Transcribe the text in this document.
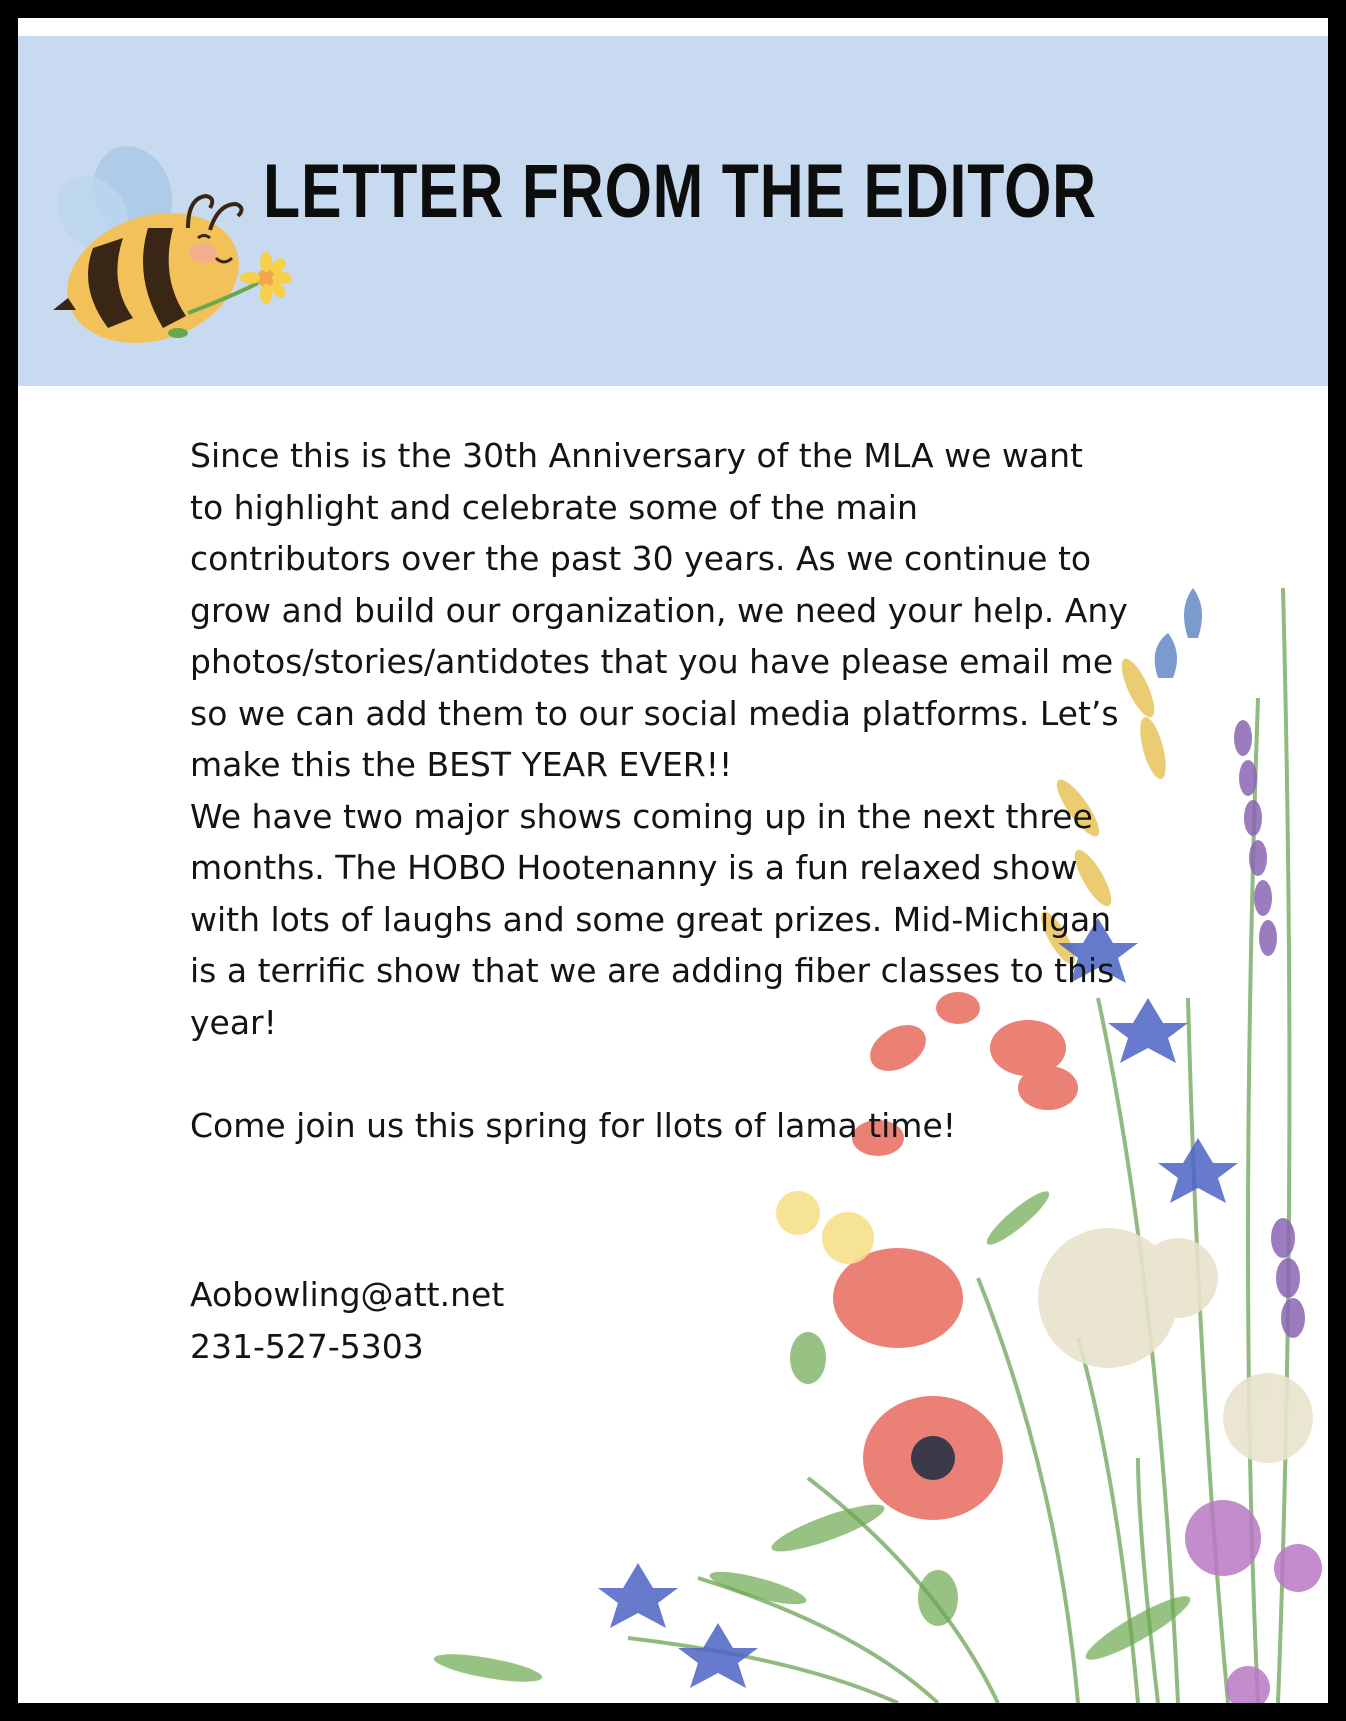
LETTER FROM THE EDITOR

Since this is the 30th Anniversary of the MLA we want

to highlight and celebrate some of the main

contributors over the past 30 years. As we continue to

grow and build our organization, we need your help. Any

photos/stories/antidotes that you have please email me

so we can add them to our social media platforms. Let’s

make this the BEST YEAR EVER!!

We have two major shows coming up in the next three

months. The HOBO Hootenanny is a fun relaxed show

with lots of laughs and some great prizes. Mid-Michigan

is a terrific show that we are adding fiber classes to this

year!

Come join us this spring for llots of lama time!

Aobowling@att.net

231-527-5303
